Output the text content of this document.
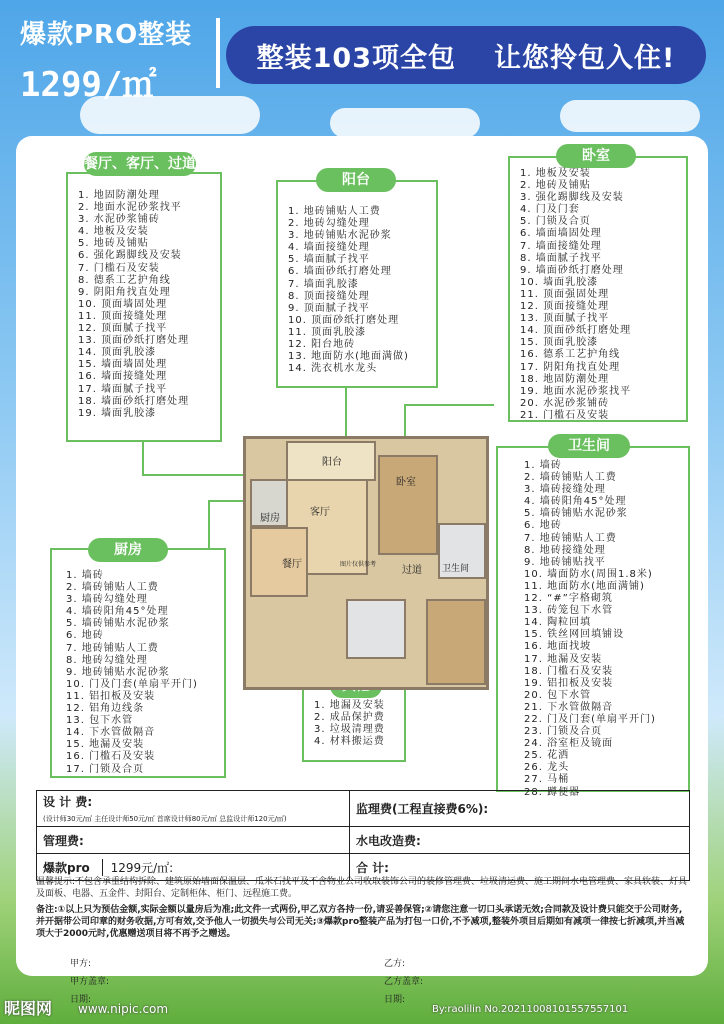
爆款PRO整装
1299/㎡
整装103项全包 让您拎包入住!
1. 地固防潮处理
2. 地面水泥砂浆找平
3. 水泥砂浆铺砖
4. 地板及安装
5. 地砖及铺贴
6. 强化踢脚线及安装
7. 门槛石及安装
8. 德系工艺护角线
9. 阴阳角找直处理
10. 顶面墙固处理
11. 顶面接缝处理
12. 顶面腻子找平
13. 顶面砂纸打磨处理
14. 顶面乳胶漆
15. 墙面墙固处理
16. 墙面接缝处理
17. 墙面腻子找平
18. 墙面砂纸打磨处理
19. 墙面乳胶漆
餐厅、客厅、过道
1. 地砖铺贴人工费
2. 地砖勾缝处理
3. 地砖铺贴水泥砂浆
4. 墙面接缝处理
5. 墙面腻子找平
6. 墙面砂纸打磨处理
7. 墙面乳胶漆
8. 顶面接缝处理
9. 顶面腻子找平
10. 顶面砂纸打磨处理
11. 顶面乳胶漆
12. 阳台地砖
13. 地面防水(地面满做)
14. 洗衣机水龙头
阳台	1. 地板及安装
2. 地砖及铺贴
3. 强化踢脚线及安装
4. 门及门套
5. 门锁及合页
6. 墙面墙固处理
7. 墙面接缝处理
8. 墙面腻子找平
9. 墙面砂纸打磨处理
10. 墙面乳胶漆
11. 顶面强固处理
12. 顶面接缝处理
13. 顶面腻子找平
14. 顶面砂纸打磨处理
15. 顶面乳胶漆
16. 德系工艺护角线
17. 阴阳角找直处理
18. 地固防潮处理
19. 地面水泥砂浆找平
20. 水泥砂浆铺砖
21. 门槛石及安装
卧室
1. 墙砖
2. 墙砖铺贴人工费
3. 墙砖接缝处理
4. 墙砖阳角45°处理
5. 墙砖铺贴水泥砂浆
6. 地砖
7. 地砖铺贴人工费
8. 地砖接缝处理
9. 地砖铺贴找平
10. 墙面防水(周围1.8米)
11. 地面防水(地面满铺)
12. “#”字格砌筑
13. 砖笼包下水管
14. 陶粒回填
15. 铁丝网回填铺设
16. 地面找坡
17. 地漏及安装
18. 门槛石及安装
19. 铝扣板及安装
20. 包下水管
21. 下水管做隔音
22. 门及门套(单扇平开门)
23. 门锁及合页
24. 浴室柜及镜面
25. 花洒
26. 龙头
27. 马桶
28. 蹲便器
卫生间
1. 墙砖
2. 墙砖铺贴人工费
3. 墙砖勾缝处理
4. 墙砖阳角45°处理
5. 墙砖铺贴水泥砂浆
6. 地砖
7. 地砖铺贴人工费
8. 地砖勾缝处理
9. 地砖铺贴水泥砂浆
10. 门及门套(单扇平开门)
11. 铝扣板及安装
12. 铝角边线条
13. 包下水管
14. 下水管做隔音
15. 地漏及安装
16. 门槛石及安装
17. 门锁及合页
厨房
1. 地漏及安装
2. 成品保护费
3. 垃圾清理费
4. 材料搬运费
阳台
客厅
厨房
餐厅
卧室
过道 卫生间
图片仅供参考
设 计 费:
(设计师30元/㎡ 主任设计师50元/㎡ 首席设计师80元/㎡ 总监设计师120元/㎡)	监理费(工程直接费6%):
管理费:	水电改造费:
爆款pro 1299元/㎡:	合 计:
温馨提示:不包含承重结构拆除、建筑原始墙面保温层、瓜米石找平及不含物业公司收取装饰公司的装修管理费、垃圾清运费、施工期间水电管理费、家具软装、灯具及面板、电器、五金件、封阳台、定制柜体、柜门、远程施工费。
备注:①以上只为预估金额,实际金额以量房后为准;此文件一式两份,甲乙双方各持一份,请妥善保管;②请您注意一切口头承诺无效;合同款及设计费只能交于公司财务,并开据带公司印章的财务收据,方可有效,交予他人一切损失与公司无关;③爆款pro整装产品为打包一口价,不予减项,整装外项目后期如有减项一律按七折减项,并当减项大于2000元时,优惠赠送项目将不再予之赠送。
甲方:
甲方盖章:
日期:
乙方:
乙方盖章:
日期:
昵图网 www.nipic.com	By:raolilin No.20211008101557557101
